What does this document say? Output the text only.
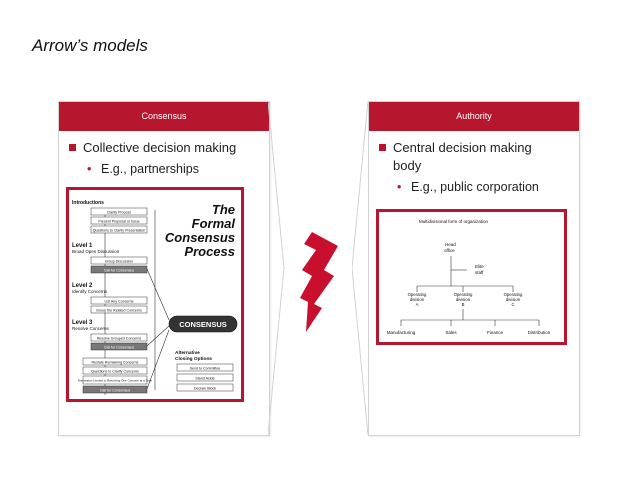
Arrow’s models
Consensus
Collective decision making
• E.g., partnerships
Authority
Central decision making
body
• E.g., public corporation
The
Formal
Consensus
Process
Introductions
Clarify Process
Present Proposal or Issue
Questions to Clarify Presentation
Level 1
Broad Open Discussion
Group Discussion
Call for Consensus
Level 2
Identify Concerns
List Any Concerns
Group the Related Concerns
Level 3
Resolve Concerns
Resolve Grouped Concerns
Call for Consensus
Restate Remaining Concerns
Questions to Clarify Concerns
Discussion Limited to Resolving One Concern at a Time
Call for Consensus
CONSENSUS
Alternative
Closing Options
Send to Committee
Stand Aside
Declare Block
Multidivisional form of organization
Head
office
Elite
staff
Operating
division
A
Operating
division
B
Operating
division
C
Manufacturing	Sales	Finance	Distribution
